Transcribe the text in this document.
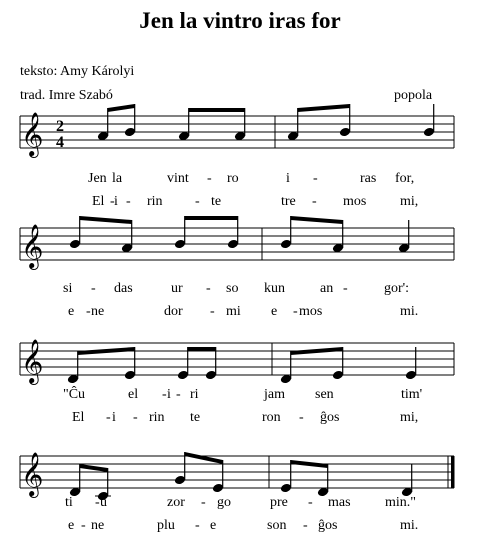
Jen la vintro iras for
teksto: Amy Károlyi
trad. Imre Szabó	popola
𝄞 2
4
𝄞
𝄞
𝄞
Jen la	vint - ro	i -	ras for,
El - i - rin - te	tre - mos mi,
si - das	ur - so kun	an -	gor':
e - ne	dor - mi e - mos	mi.
"Ĉu	el - i - ri	jam sen	tim'
El - i - rin te	ron - ĝos	mi,
ti - u	zor - go	pre - mas min."
e - ne	plu - e	son - ĝos	mi.
